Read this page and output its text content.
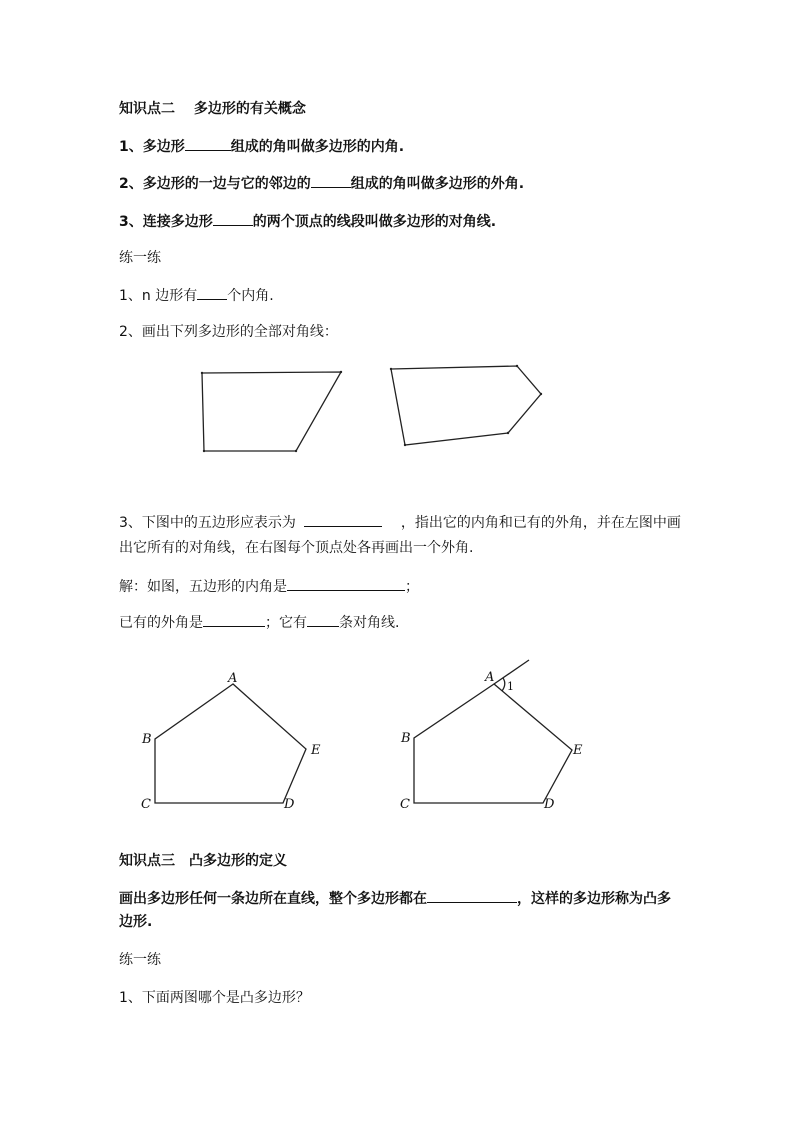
知识点二　 多边形的有关概念
1、多边形	组成的角叫做多边形的内角.
2、多边形的一边与它的邻边的	组成的角叫做多边形的外角.
3、连接多边形	的两个顶点的线段叫做多边形的对角线.
练一练
1、n 边形有 个内角.
2、画出下列多边形的全部对角线：
3、下图中的五边形应表示为	，指出它的内角和已有的外角，并在左图中画
出它所有的对角线，在右图每个顶点处各再画出一个外角.
解：如图，五边形的内角是	；
已有的外角是	；它有 条对角线.
知识点三　凸多边形的定义
画出多边形任何一条边所在直线，整个多边形都在	，这样的多边形称为凸多
边形.
练一练
1、下面两图哪个是凸多边形？
A
B
C	D
E
A
1
B
C	D
E
